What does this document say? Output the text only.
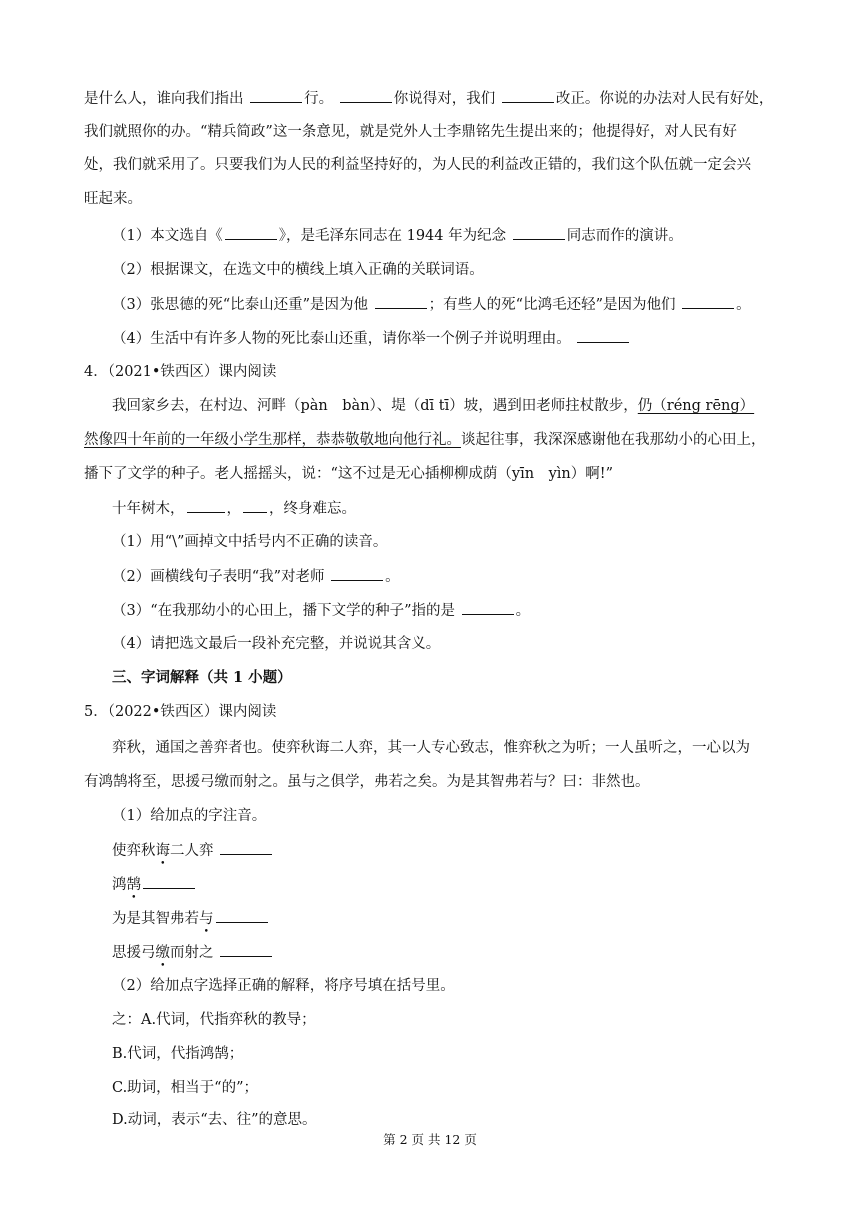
是什么人，谁向我们指出	行。	你说得对，我们	改正。你说的办法对人民有好处，
我们就照你的办。“精兵简政”这一条意见，就是党外人士李鼎铭先生提出来的；他提得好，对人民有好
处，我们就采用了。只要我们为人民的利益坚持好的，为人民的利益改正错的，我们这个队伍就一定会兴
旺起来。
（1）本文选自《	》，是毛泽东同志在 1944 年为纪念	同志而作的演讲。
（2）根据课文，在选文中的横线上填入正确的关联词语。
（3）张思德的死“比泰山还重”是因为他	；有些人的死“比鸿毛还轻”是因为他们	。
（4）生活中有许多人物的死比泰山还重，请你举一个例子并说明理由。
4．（2021•铁西区）课内阅读
我回家乡去，在村边、河畔（pàn　bàn）、堤（dī tī）坡，遇到田老师拄杖散步，仍（réng rēng）
然像四十年前的一年级小学生那样，恭恭敬敬地向他行礼。谈起往事，我深深感谢他在我那幼小的心田上，
播下了文学的种子。老人摇摇头，说：“这不过是无心插柳柳成荫（yīn　yìn）啊!”
十年树木，	， ，终身难忘。
（1）用“\”画掉文中括号内不正确的读音。
（2）画横线句子表明“我”对老师	。
（3）“在我那幼小的心田上，播下文学的种子”指的是	。
（4）请把选文最后一段补充完整，并说说其含义。
三、字词解释（共 1 小题）
5．（2022•铁西区）课内阅读
弈秋，通国之善弈者也。使弈秋诲二人弈，其一人专心致志，惟弈秋之为听；一人虽听之，一心以为
有鸿鹄将至，思援弓缴而射之。虽与之俱学，弗若之矣。为是其智弗若与？曰：非然也。
（1）给加点的字注音。
使弈秋诲二人弈
鸿鹄
为是其智弗若与
思援弓缴而射之
（2）给加点字选择正确的解释，将序号填在括号里。
之：A.代词，代指弈秋的教导；
B.代词，代指鸿鹄；
C.助词，相当于“的”；
D.动词，表示“去、往”的意思。
第 2 页 共 12 页
